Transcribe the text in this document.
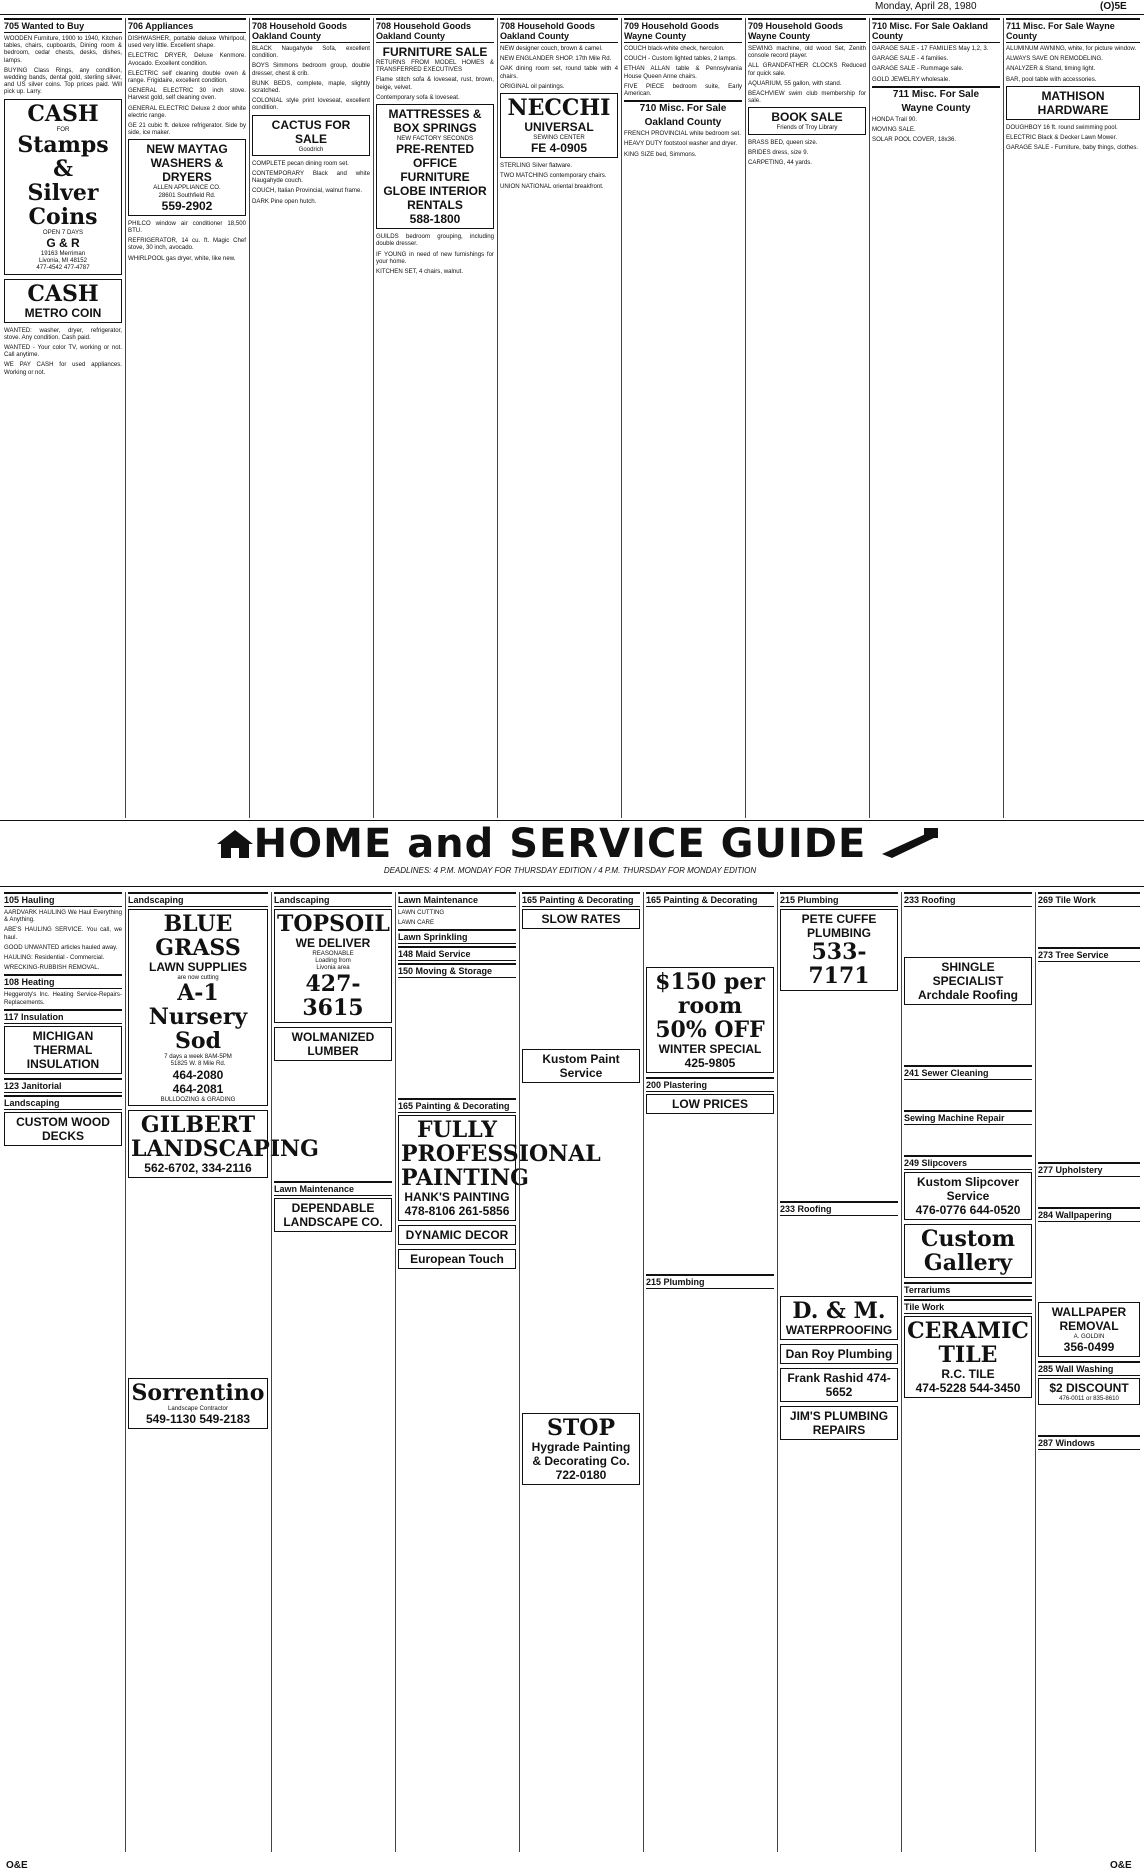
Monday, April 28, 1980	(O)5E
705 Wanted to Buy
WOODEN Furniture, 1900 to 1940, Kitchen tables, chairs, cupboards, Dining room & bedroom, cedar chests, desks, dishes, lamps.
BUYING Class Rings, any condition, wedding bands, dental gold, sterling silver, and US silver coins. Top prices paid. Will pick up. Larry.
CASH
FOR
Stamps &
Silver Coins
OPEN 7 DAYS
G & R
19163 Merriman
Livonia, MI 48152
477-4542 477-4787
CASH
METRO COIN
WANTED: washer, dryer, refrigerator, stove. Any condition. Cash paid.
WANTED - Your color TV, working or not. Call anytime.
WE PAY CASH for used appliances. Working or not.
706 Appliances
DISHWASHER, portable deluxe Whirlpool, used very little. Excellent shape.
ELECTRIC DRYER, Deluxe Kenmore. Avocado. Excellent condition.
ELECTRIC self cleaning double oven & range. Frigidaire, excellent condition.
GENERAL ELECTRIC 30 inch stove. Harvest gold, self cleaning oven.
GENERAL ELECTRIC Deluxe 2 door white electric range.
GE 21 cubic ft. deluxe refrigerator. Side by side, ice maker.
NEW MAYTAG
WASHERS & DRYERS
ALLEN APPLIANCE CO.
28601 Southfield Rd.
559-2902
PHILCO window air conditioner 18,500 BTU.
REFRIGERATOR, 14 cu. ft. Magic Chef stove, 30 inch, avocado.
WHIRLPOOL gas dryer, white, like new.
708 Household Goods Oakland County
BLACK Naugahyde Sofa, excellent condition.
BOYS Simmons bedroom group, double dresser, chest & crib.
BUNK BEDS, complete, maple, slightly scratched.
COLONIAL style print loveseat, excellent condition.
CACTUS FOR SALE
Goodrich
COMPLETE pecan dining room set.
CONTEMPORARY Black and white Naugahyde couch.
COUCH, Italian Provincial, walnut frame.
DARK Pine open hutch.
708 Household Goods Oakland County
FURNITURE SALE
RETURNS FROM MODEL HOMES & TRANSFERRED EXECUTIVES
Flame stitch sofa & loveseat, rust, brown, beige, velvet.
Contemporary sofa & loveseat.
MATTRESSES & BOX SPRINGS
NEW FACTORY SECONDS
PRE-RENTED OFFICE FURNITURE
GLOBE INTERIOR RENTALS
588-1800
GUILDS bedroom grouping, including double dresser.
IF YOUNG in need of new furnishings for your home.
KITCHEN SET, 4 chairs, walnut.
708 Household Goods Oakland County
NEW designer couch, brown & camel.
NEW ENGLANDER SHOP. 17th Mile Rd.
OAK dining room set, round table with 4 chairs.
ORIGINAL oil paintings.
NECCHI
UNIVERSAL
SEWING CENTER
FE 4-0905
STERLING Silver flatware.
TWO MATCHING contemporary chairs.
UNION NATIONAL oriental breakfront.
709 Household Goods Wayne County
COUCH black-white check, herculon.
COUCH - Custom lighted tables, 2 lamps.
ETHAN ALLAN table & Pennsylvania House Queen Anne chairs.
FIVE PIECE bedroom suite, Early American.
710 Misc. For Sale
Oakland County
FRENCH PROVINCIAL white bedroom set.
HEAVY DUTY footstool washer and dryer.
KING SIZE bed, Simmons.
709 Household Goods Wayne County
SEWING machine, old wood Set, Zenith console record player.
ALL GRANDFATHER CLOCKS Reduced for quick sale.
AQUARIUM, 55 gallon, with stand.
BEACHVIEW swim club membership for sale.
BOOK SALE
Friends of Troy Library
BRASS BED, queen size.
BRIDES dress, size 9.
CARPETING, 44 yards.
710 Misc. For Sale Oakland County
GARAGE SALE - 17 FAMILIES May 1,2, 3.
GARAGE SALE - 4 families.
GARAGE SALE - Rummage sale.
GOLD JEWELRY wholesale.
711 Misc. For Sale
Wayne County
HONDA Trail 90.
MOVING SALE.
SOLAR POOL COVER, 18x36.
711 Misc. For Sale Wayne County
ALUMINUM AWNING, white, for picture window.
ALWAYS SAVE ON REMODELING.
ANALYZER & Stand, timing light.
BAR, pool table with accessories.
MATHISON HARDWARE
DOUGHBOY 16 ft. round swimming pool.
ELECTRIC Black & Decker Lawn Mower.
GARAGE SALE - Furniture, baby things, clothes.
HOME and SERVICE GUIDE
DEADLINES: 4 P.M. MONDAY FOR THURSDAY EDITION / 4 P.M. THURSDAY FOR MONDAY EDITION
105 Hauling
AARDVARK HAULING We Haul Everything & Anything.
ABE'S HAULING SERVICE. You call, we haul.
GOOD UNWANTED articles hauled away.
HAULING: Residential - Commercial.
WRECKING-RUBBISH REMOVAL.
108 Heating
Heggeroty's Inc. Heating Service-Repairs-Replacements.
117 Insulation
MICHIGAN THERMAL INSULATION
123 Janitorial
Landscaping
CUSTOM WOOD DECKS
Landscaping
BLUE GRASS
LAWN SUPPLIES
are now cutting
A-1
Nursery Sod
7 days a week 8AM-5PM
51825 W. 8 Mile Rd.
464-2080
464-2081
BULLDOZING & GRADING
GILBERT
LANDSCAPING
562-6702, 334-2116
Sorrentino
Landscape Contractor
549-1130 549-2183
Landscaping
TOPSOIL
WE DELIVER
REASONABLE
Loading from
Livonia area
427-3615
WOLMANIZED LUMBER
Lawn Maintenance
DEPENDABLE LANDSCAPE CO.
Lawn Maintenance
LAWN CUTTING
LAWN CARE
Lawn Sprinkling
148 Maid Service
150 Moving & Storage
165 Painting & Decorating
FULLY
PROFESSIONAL
PAINTING
HANK'S PAINTING
478-8106 261-5856
DYNAMIC DECOR
European Touch
165 Painting & Decorating
SLOW RATES
Kustom Paint Service
STOP
Hygrade Painting
& Decorating Co.
722-0180
165 Painting & Decorating
$150 per room
50% OFF
WINTER SPECIAL
425-9805
200 Plastering
LOW PRICES
215 Plumbing
215 Plumbing
PETE CUFFE
PLUMBING
533-7171
233 Roofing
D. & M.
WATERPROOFING
Dan Roy Plumbing
Frank Rashid 474-5652
JIM'S PLUMBING REPAIRS
233 Roofing
SHINGLE SPECIALIST
Archdale Roofing
241 Sewer Cleaning
Sewing Machine Repair
249 Slipcovers
Kustom Slipcover
Service
476-0776 644-0520
Custom Gallery
Terrariums
Tile Work
CERAMIC
TILE
R.C. TILE
474-5228 544-3450
269 Tile Work
273 Tree Service
277 Upholstery
284 Wallpapering
WALLPAPER
REMOVAL
A. GOLDIN
356-0499
285 Wall Washing
$2 DISCOUNT
476-0011 or 835-8610
287 Windows
O&E	O&E
